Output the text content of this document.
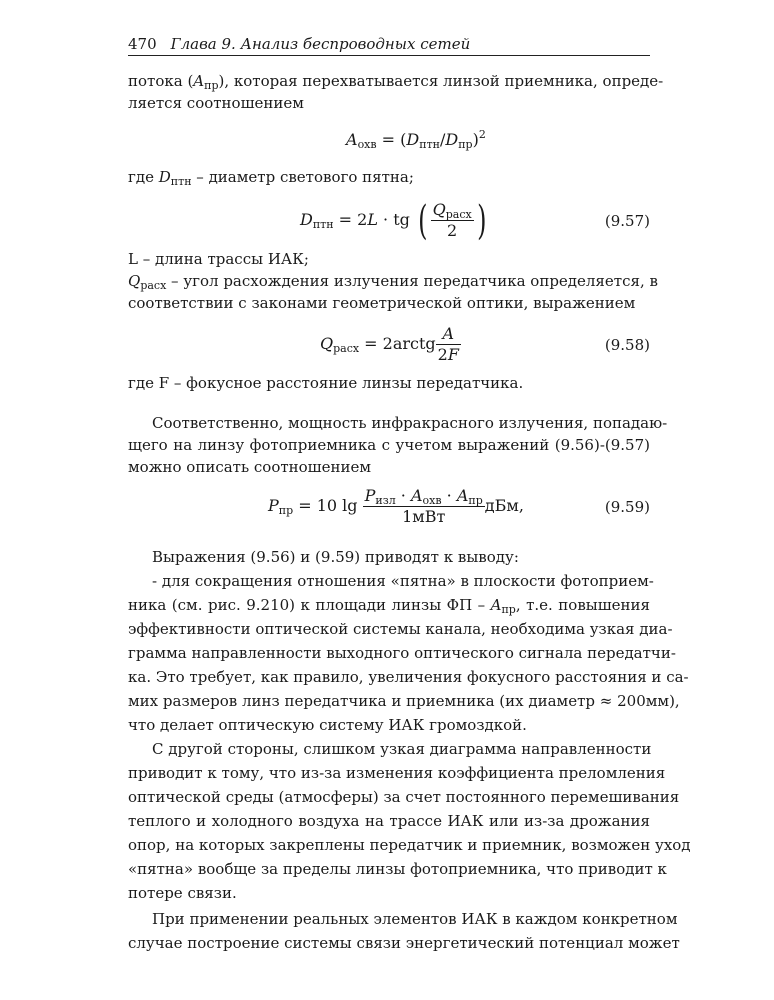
470 Глава 9. Анализ беспроводных сетей
потока $(A_{пр})$, которая перехватывается линзой приемника, опреде-
ляется соотношением
$A_{охв} = (D_{птн}/D_{пр})^2$
где $D_{птн}$ – диаметр светового пятна;
$D_{птн} = 2L$ · tg ( $\frac{Q_{расх}}{2}$ )	(9.57)
L – длина трассы ИАК;
$Q_{расх}$ – угол расхождения излучения передатчика определяется, в
соответствии с законами геометрической оптики, выражением
$Q_{расх}$ = 2arctg $\frac{A}{2F}$	(9.58)
где F – фокусное расстояние линзы передатчика.
Соответственно, мощность инфракрасного излучения, попадаю-
щего на линзу фотоприемника с учетом выражений (9.56)-(9.57)
можно описать соотношением
$P_{пр} = 10$ $\lg \frac{P_{изл} \cdot A_{охв} \cdot A_{пр}}{\text{1мВт}}$ дБм,	(9.59)
Выражения (9.56) и (9.59) приводят к выводу:
- для сокращения отношения «пятна» в плоскости фотоприем-
ника (см. рис. 9.210) к площади линзы ФП – $A_{пр}$, т.е. повышения
эффективности оптической системы канала, необходима узкая диа-
грамма направленности выходного оптического сигнала передатчи-
ка. Это требует, как правило, увеличения фокусного расстояния и са-
мих размеров линз передатчика и приемника (их диаметр ≈ 200мм),
что делает оптическую систему ИАК громоздкой.
С другой стороны, слишком узкая диаграмма направленности
приводит к тому, что из-за изменения коэффициента преломления
оптической среды (атмосферы) за счет постоянного перемешивания
теплого и холодного воздуха на трассе ИАК или из-за дрожания
опор, на которых закреплены передатчик и приемник, возможен уход
«пятна» вообще за пределы линзы фотоприемника, что приводит к
потере связи.
При применении реальных элементов ИАК в каждом конкретном
случае построение системы связи энергетический потенциал может
